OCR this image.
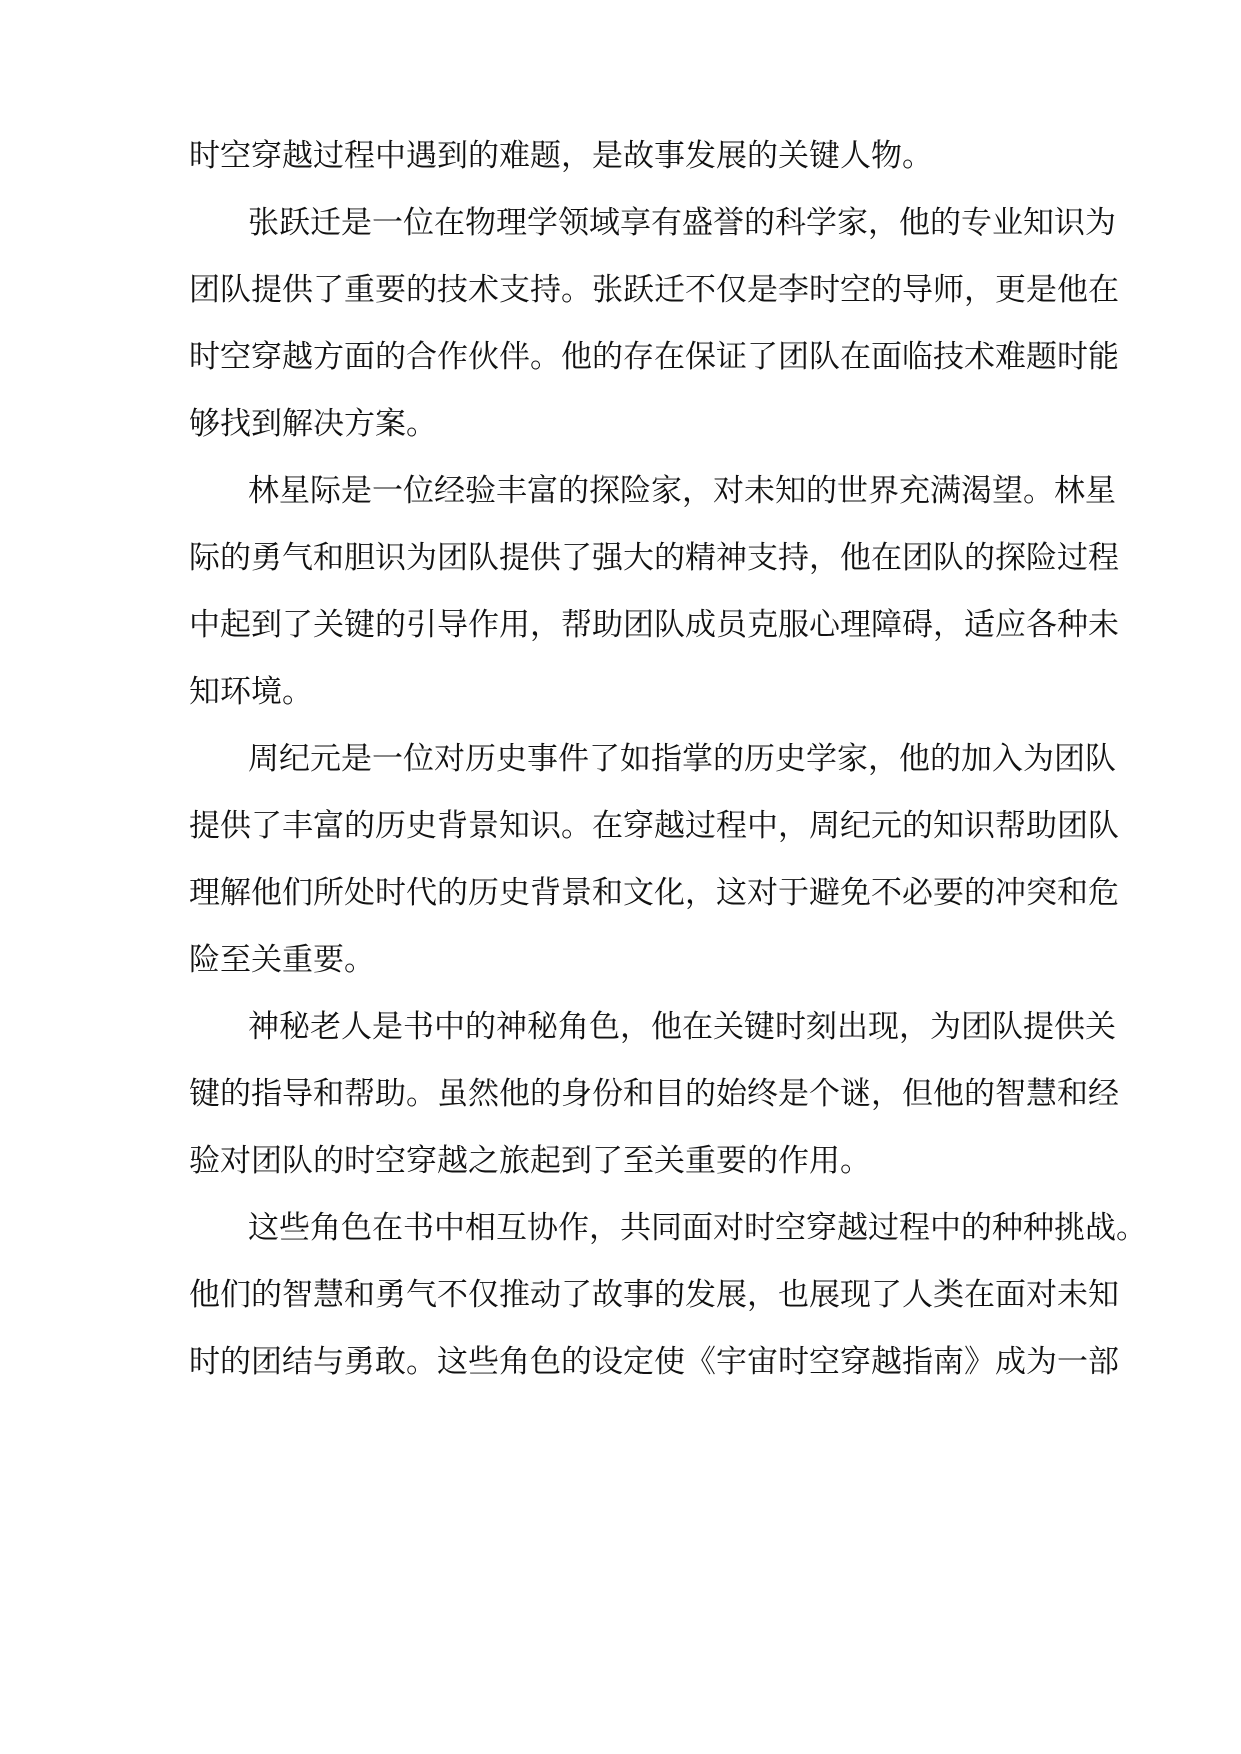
时空穿越过程中遇到的难题，是故事发展的关键人物。

张跃迁是一位在物理学领域享有盛誉的科学家，他的专业知识为

团队提供了重要的技术支持。张跃迁不仅是李时空的导师，更是他在

时空穿越方面的合作伙伴。他的存在保证了团队在面临技术难题时能

够找到解决方案。

林星际是一位经验丰富的探险家，对未知的世界充满渴望。林星

际的勇气和胆识为团队提供了强大的精神支持，他在团队的探险过程

中起到了关键的引导作用，帮助团队成员克服心理障碍，适应各种未

知环境。

周纪元是一位对历史事件了如指掌的历史学家，他的加入为团队

提供了丰富的历史背景知识。在穿越过程中，周纪元的知识帮助团队

理解他们所处时代的历史背景和文化，这对于避免不必要的冲突和危

险至关重要。

神秘老人是书中的神秘角色，他在关键时刻出现，为团队提供关

键的指导和帮助。虽然他的身份和目的始终是个谜，但他的智慧和经

验对团队的时空穿越之旅起到了至关重要的作用。

这些角色在书中相互协作，共同面对时空穿越过程中的种种挑战。

他们的智慧和勇气不仅推动了故事的发展，也展现了人类在面对未知

时的团结与勇敢。这些角色的设定使《宇宙时空穿越指南》成为一部
